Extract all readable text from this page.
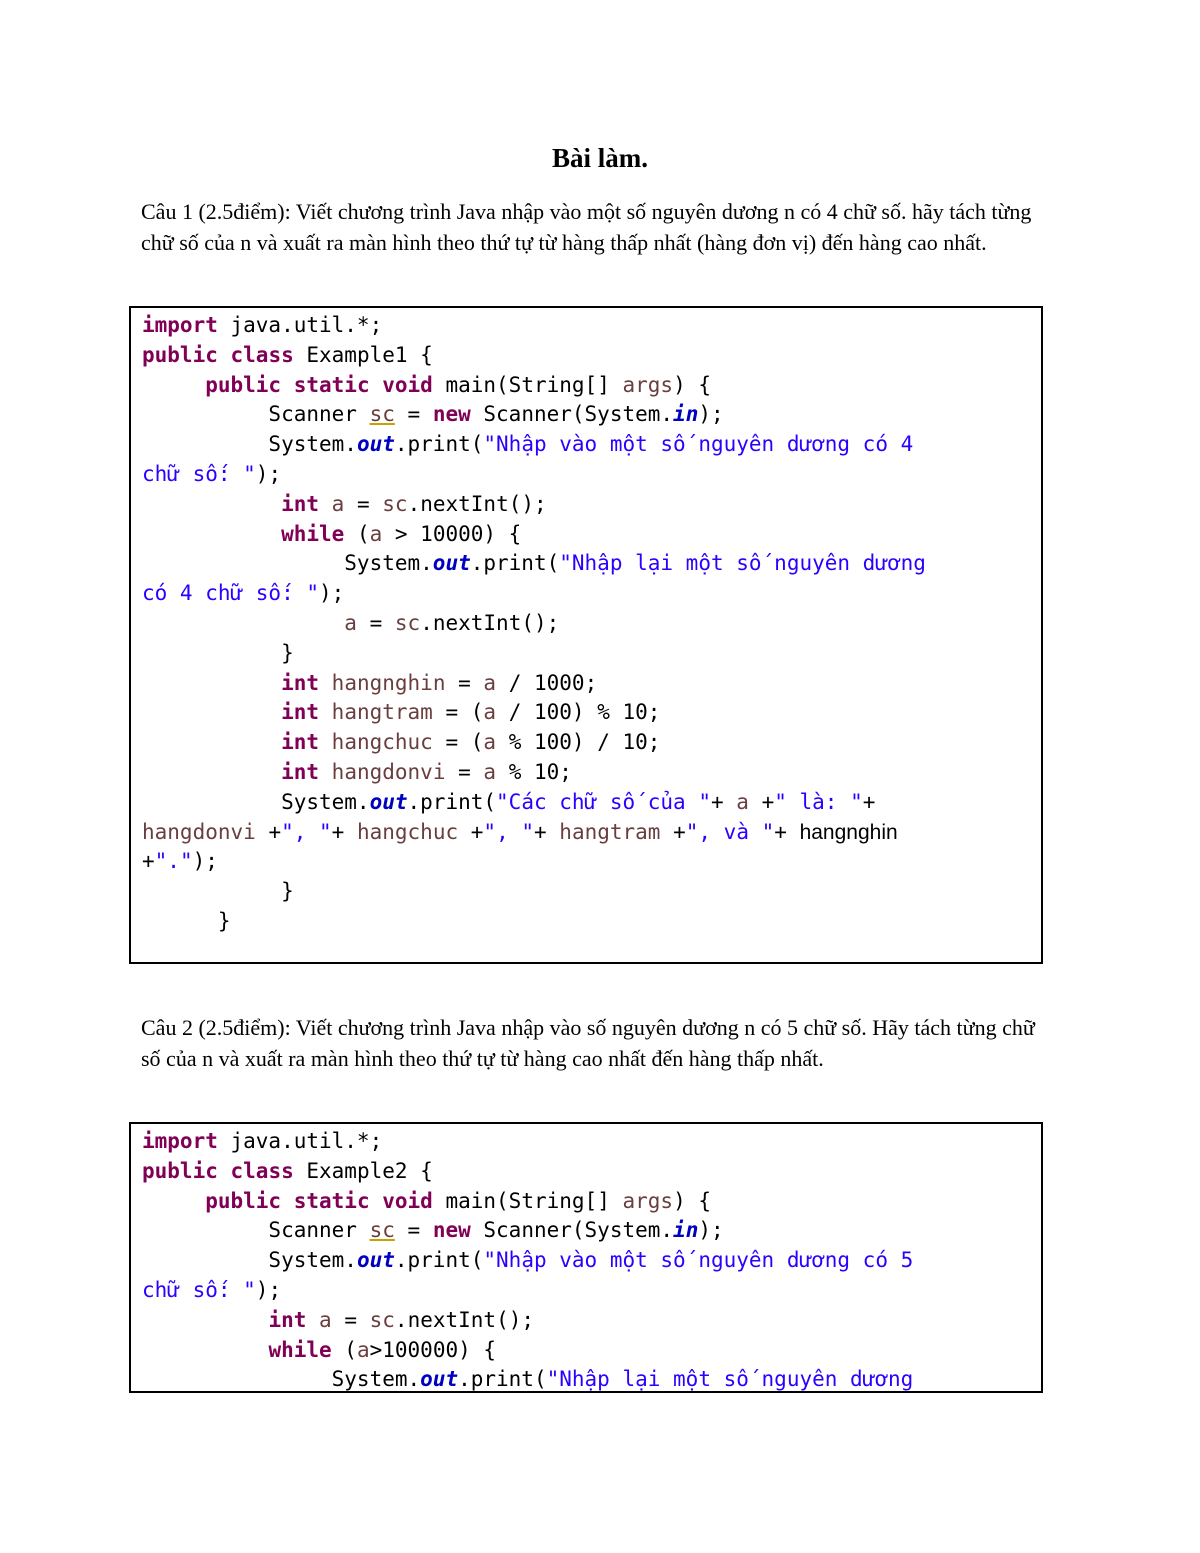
Bài làm.
Câu 1 (2.5điểm): Viết chương trình Java nhập vào một số nguyên dương n có 4 chữ số. hãy tách từng chữ số của n và xuất ra màn hình theo thứ tự từ hàng thấp nhất (hàng đơn vị) đến hàng cao nhất.
import java.util.*;
public class Example1 {
public static void main(String[] args) {
Scanner sc = new Scanner(System.in);
System.out.print("Nhập vào một số nguyên dương có 4
chữ số: ");
int a = sc.nextInt();
while (a > 10000) {
System.out.print("Nhập lại một số nguyên dương
có 4 chữ số: ");
a = sc.nextInt();
}
int hangnghin = a / 1000;
int hangtram = (a / 100) % 10;
int hangchuc = (a % 100) / 10;
int hangdonvi = a % 10;
System.out.print("Các chữ số của "+ a +" là: "+
hangdonvi +", "+ hangchuc +", "+ hangtram +", và "+ hangnghin
+".");
}
}
Câu 2 (2.5điểm): Viết chương trình Java nhập vào số nguyên dương n có 5 chữ số. Hãy tách từng chữ số của n và xuất ra màn hình theo thứ tự từ hàng cao nhất đến hàng thấp nhất.
import java.util.*;
public class Example2 {
public static void main(String[] args) {
Scanner sc = new Scanner(System.in);
System.out.print("Nhập vào một số nguyên dương có 5
chữ số: ");
int a = sc.nextInt();
while (a>100000) {
System.out.print("Nhập lại một số nguyên dương
